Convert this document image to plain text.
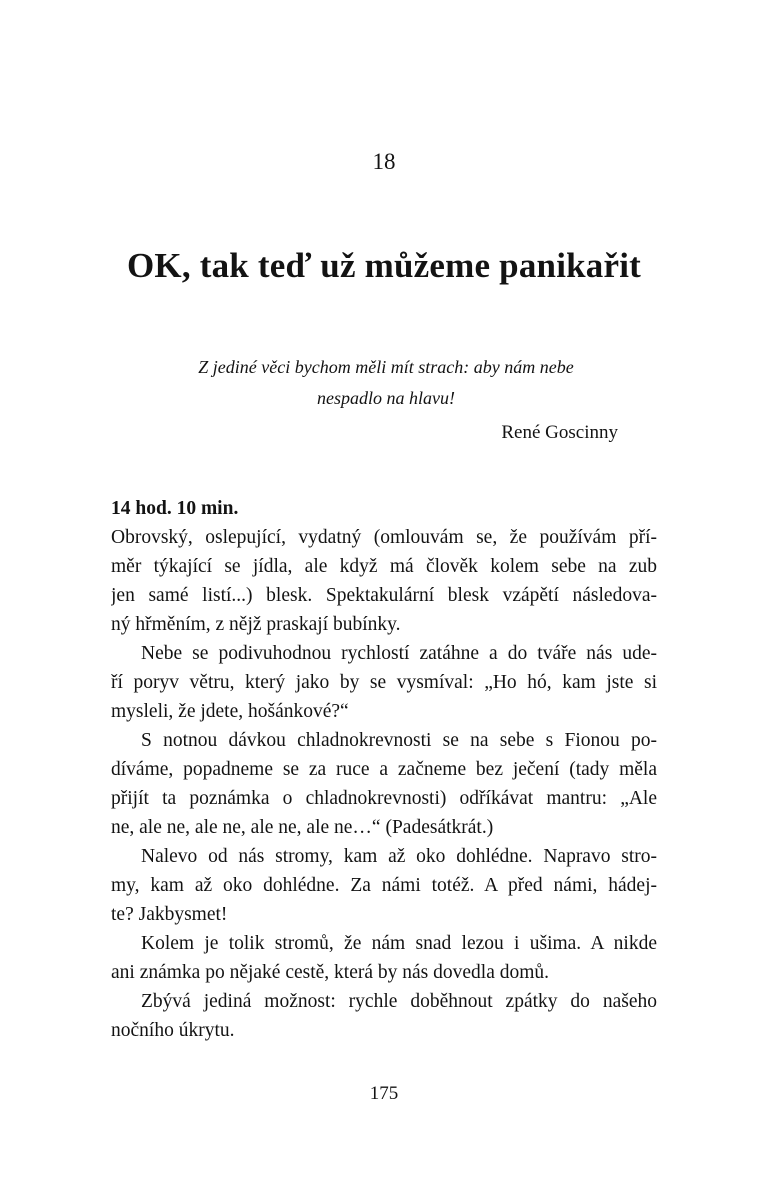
18
OK, tak teď už můžeme panikařit
Z jediné věci bychom měli mít strach: aby nám nebe
nespadlo na hlavu!
René Goscinny
14 hod. 10 min.
Obrovský, oslepující, vydatný (omlouvám se, že používám pří-
měr týkající se jídla, ale když má člověk kolem sebe na zub
jen samé listí...) blesk. Spektakulární blesk vzápětí následova-
ný hřměním, z nějž praskají bubínky.
Nebe se podivuhodnou rychlostí zatáhne a do tváře nás ude-
ří poryv větru, který jako by se vysmíval: „Ho hó, kam jste si
mysleli, že jdete, hošánkové?“
S notnou dávkou chladnokrevnosti se na sebe s Fionou po-
díváme, popadneme se za ruce a začneme bez ječení (tady měla
přijít ta poznámka o chladnokrevnosti) odříkávat mantru: „Ale
ne, ale ne, ale ne, ale ne, ale ne…“ (Padesátkrát.)
Nalevo od nás stromy, kam až oko dohlédne. Napravo stro-
my, kam až oko dohlédne. Za námi totéž. A před námi, hádej-
te? Jakbysmet!
Kolem je tolik stromů, že nám snad lezou i ušima. A nikde
ani známka po nějaké cestě, která by nás dovedla domů.
Zbývá jediná možnost: rychle doběhnout zpátky do našeho
nočního úkrytu.
175
